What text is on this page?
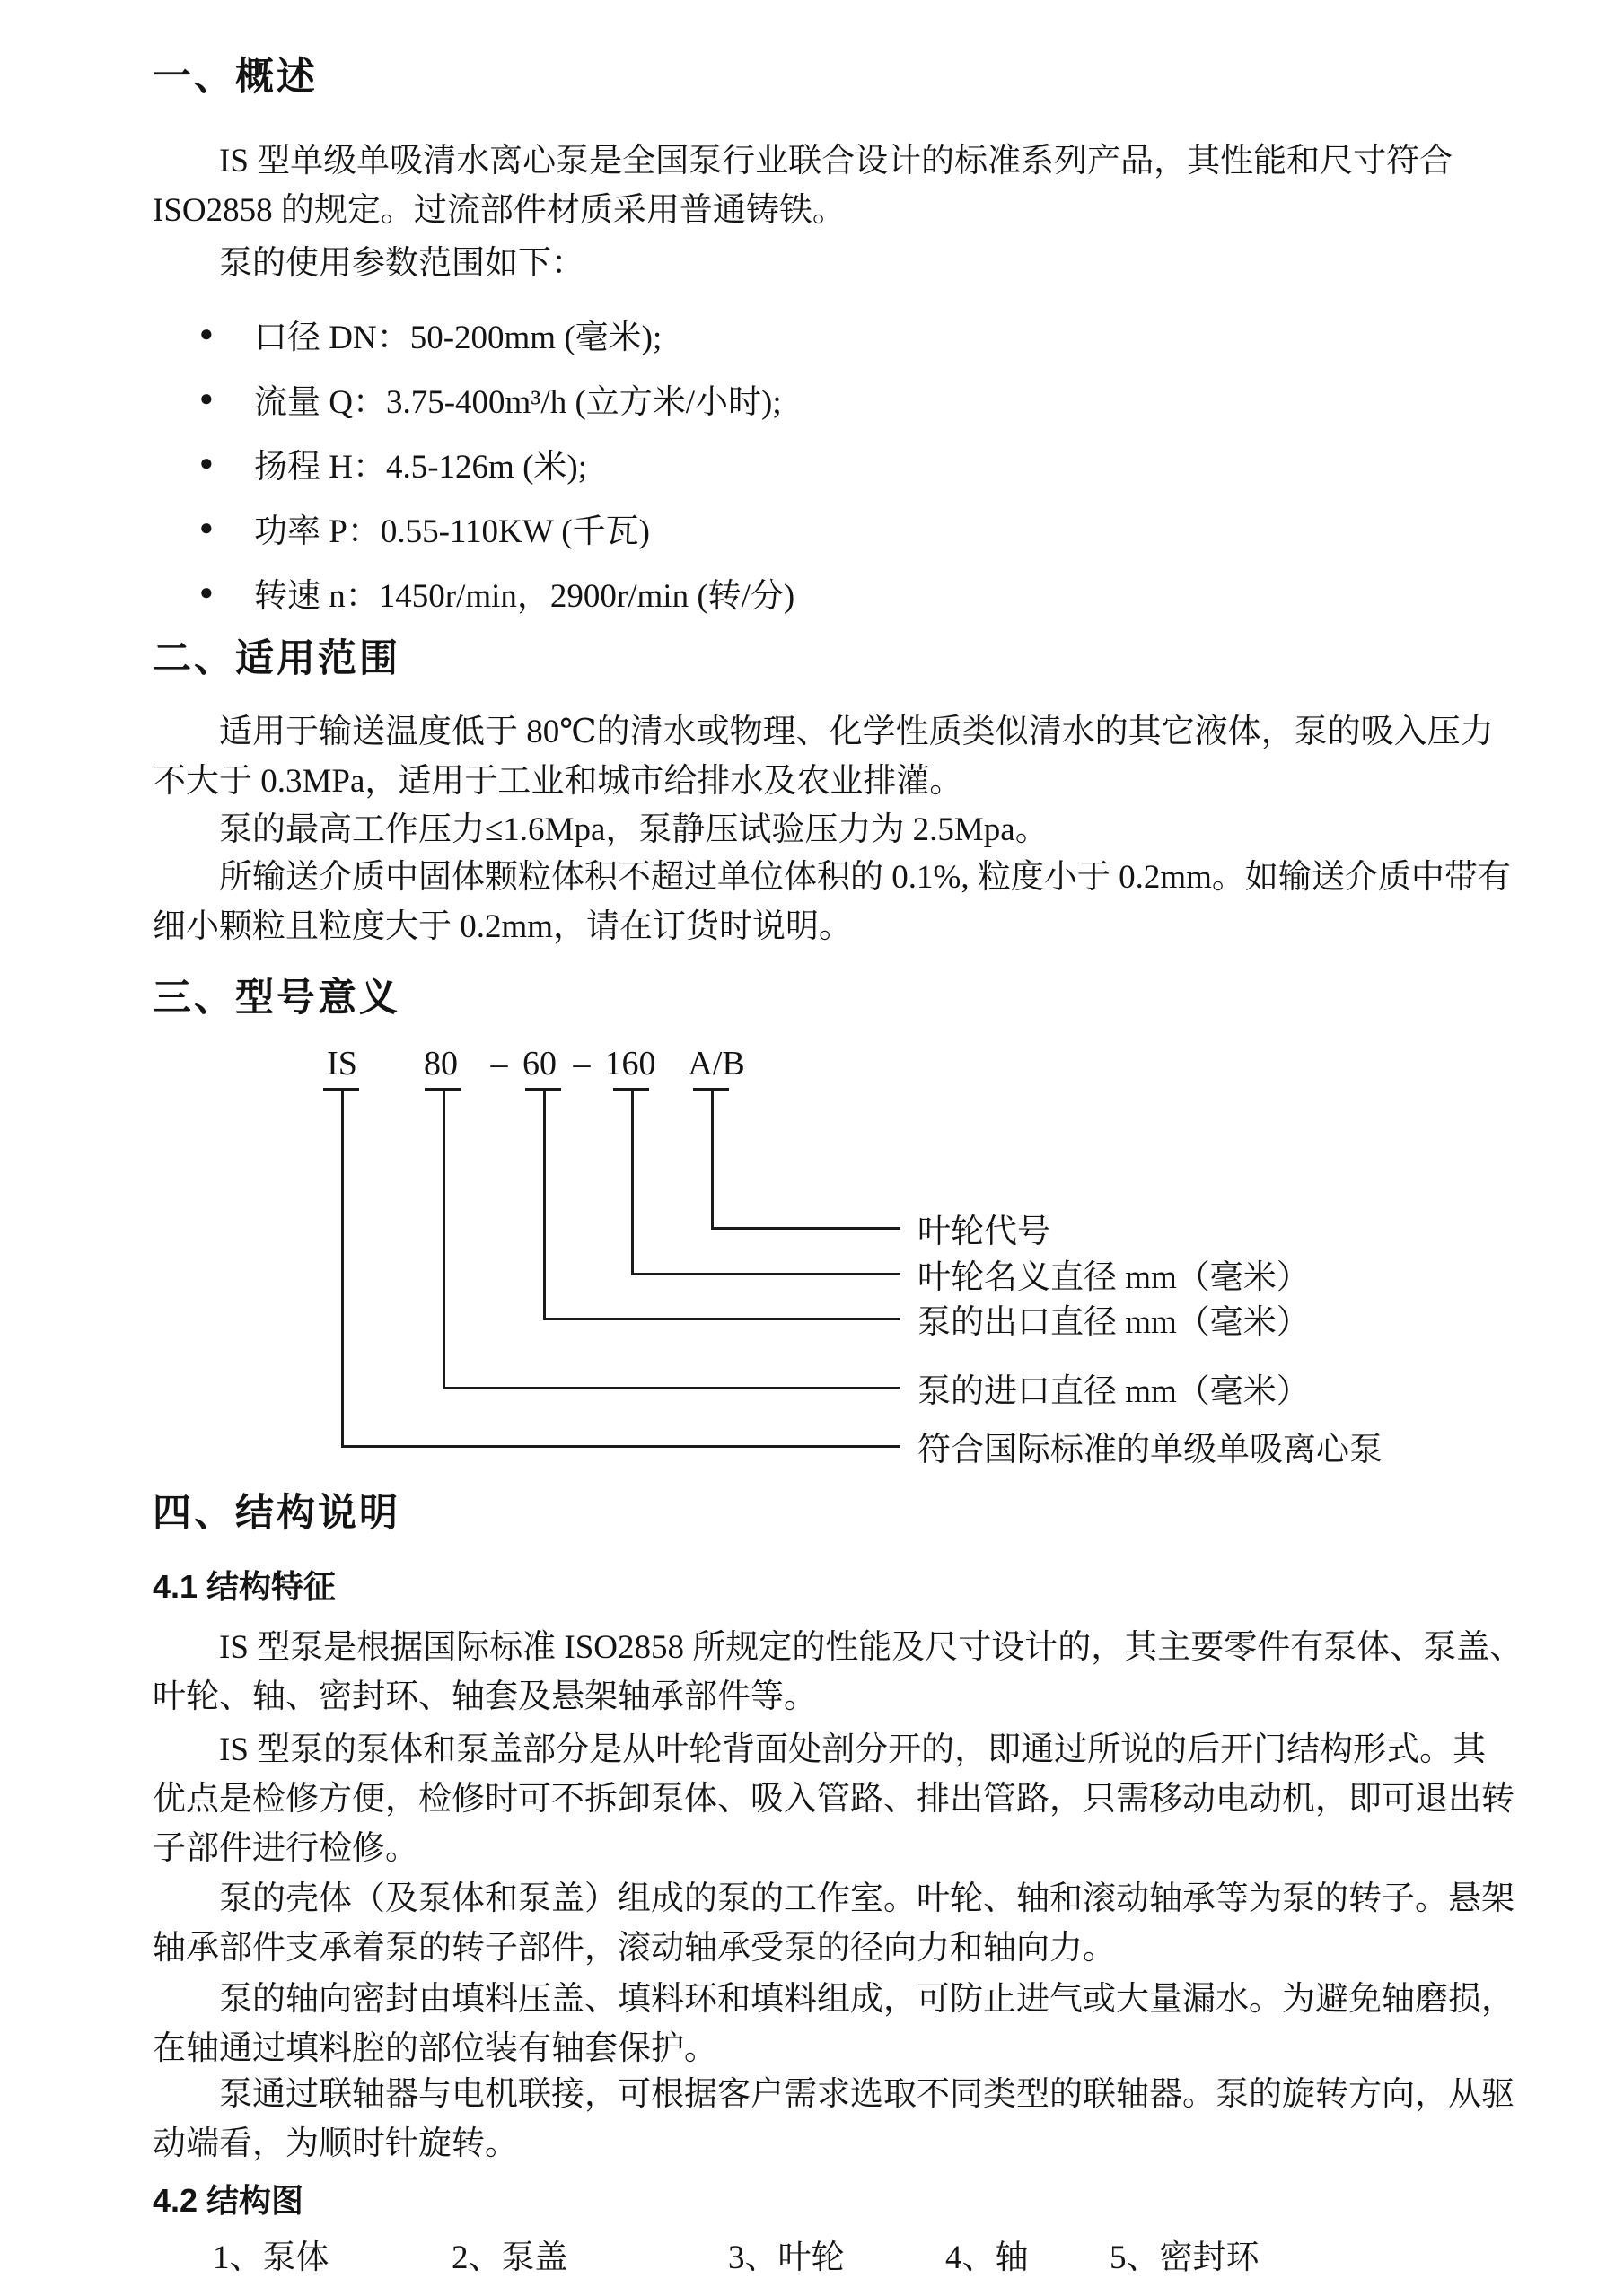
一、概述
IS 型单级单吸清水离心泵是全国泵行业联合设计的标准系列产品，其性能和尺寸符合
ISO2858 的规定。过流部件材质采用普通铸铁。
泵的使用参数范围如下：
●	口径 DN：50-200mm (毫米);
●	流量 Q：3.75-400m³/h (立方米/小时);
●	扬程 H：4.5-126m (米);
●	功率 P：0.55-110KW (千瓦)
●	转速 n：1450r/min，2900r/min (转/分)
二、适用范围
适用于输送温度低于 80℃的清水或物理、化学性质类似清水的其它液体，泵的吸入压力
不大于 0.3MPa，适用于工业和城市给排水及农业排灌。
泵的最高工作压力≤1.6Mpa，泵静压试验压力为 2.5Mpa。
所输送介质中固体颗粒体积不超过单位体积的 0.1%, 粒度小于 0.2mm。如输送介质中带有
细小颗粒且粒度大于 0.2mm，请在订货时说明。
三、型号意义
IS 80 – 60 – 160 A/B
叶轮代号
叶轮名义直径 mm（毫米）
泵的出口直径 mm（毫米）
泵的进口直径 mm（毫米）
符合国际标准的单级单吸离心泵
四、结构说明
4.1 结构特征
IS 型泵是根据国际标准 ISO2858 所规定的性能及尺寸设计的，其主要零件有泵体、泵盖、
叶轮、轴、密封环、轴套及悬架轴承部件等。
IS 型泵的泵体和泵盖部分是从叶轮背面处剖分开的，即通过所说的后开门结构形式。其
优点是检修方便，检修时可不拆卸泵体、吸入管路、排出管路，只需移动电动机，即可退出转
子部件进行检修。
泵的壳体（及泵体和泵盖）组成的泵的工作室。叶轮、轴和滚动轴承等为泵的转子。悬架
轴承部件支承着泵的转子部件，滚动轴承受泵的径向力和轴向力。
泵的轴向密封由填料压盖、填料环和填料组成，可防止进气或大量漏水。为避免轴磨损，
在轴通过填料腔的部位装有轴套保护。
泵通过联轴器与电机联接，可根据客户需求选取不同类型的联轴器。泵的旋转方向，从驱
动端看，为顺时针旋转。
4.2 结构图
1、泵体	2、泵盖	3、叶轮	4、轴 5、密封环
